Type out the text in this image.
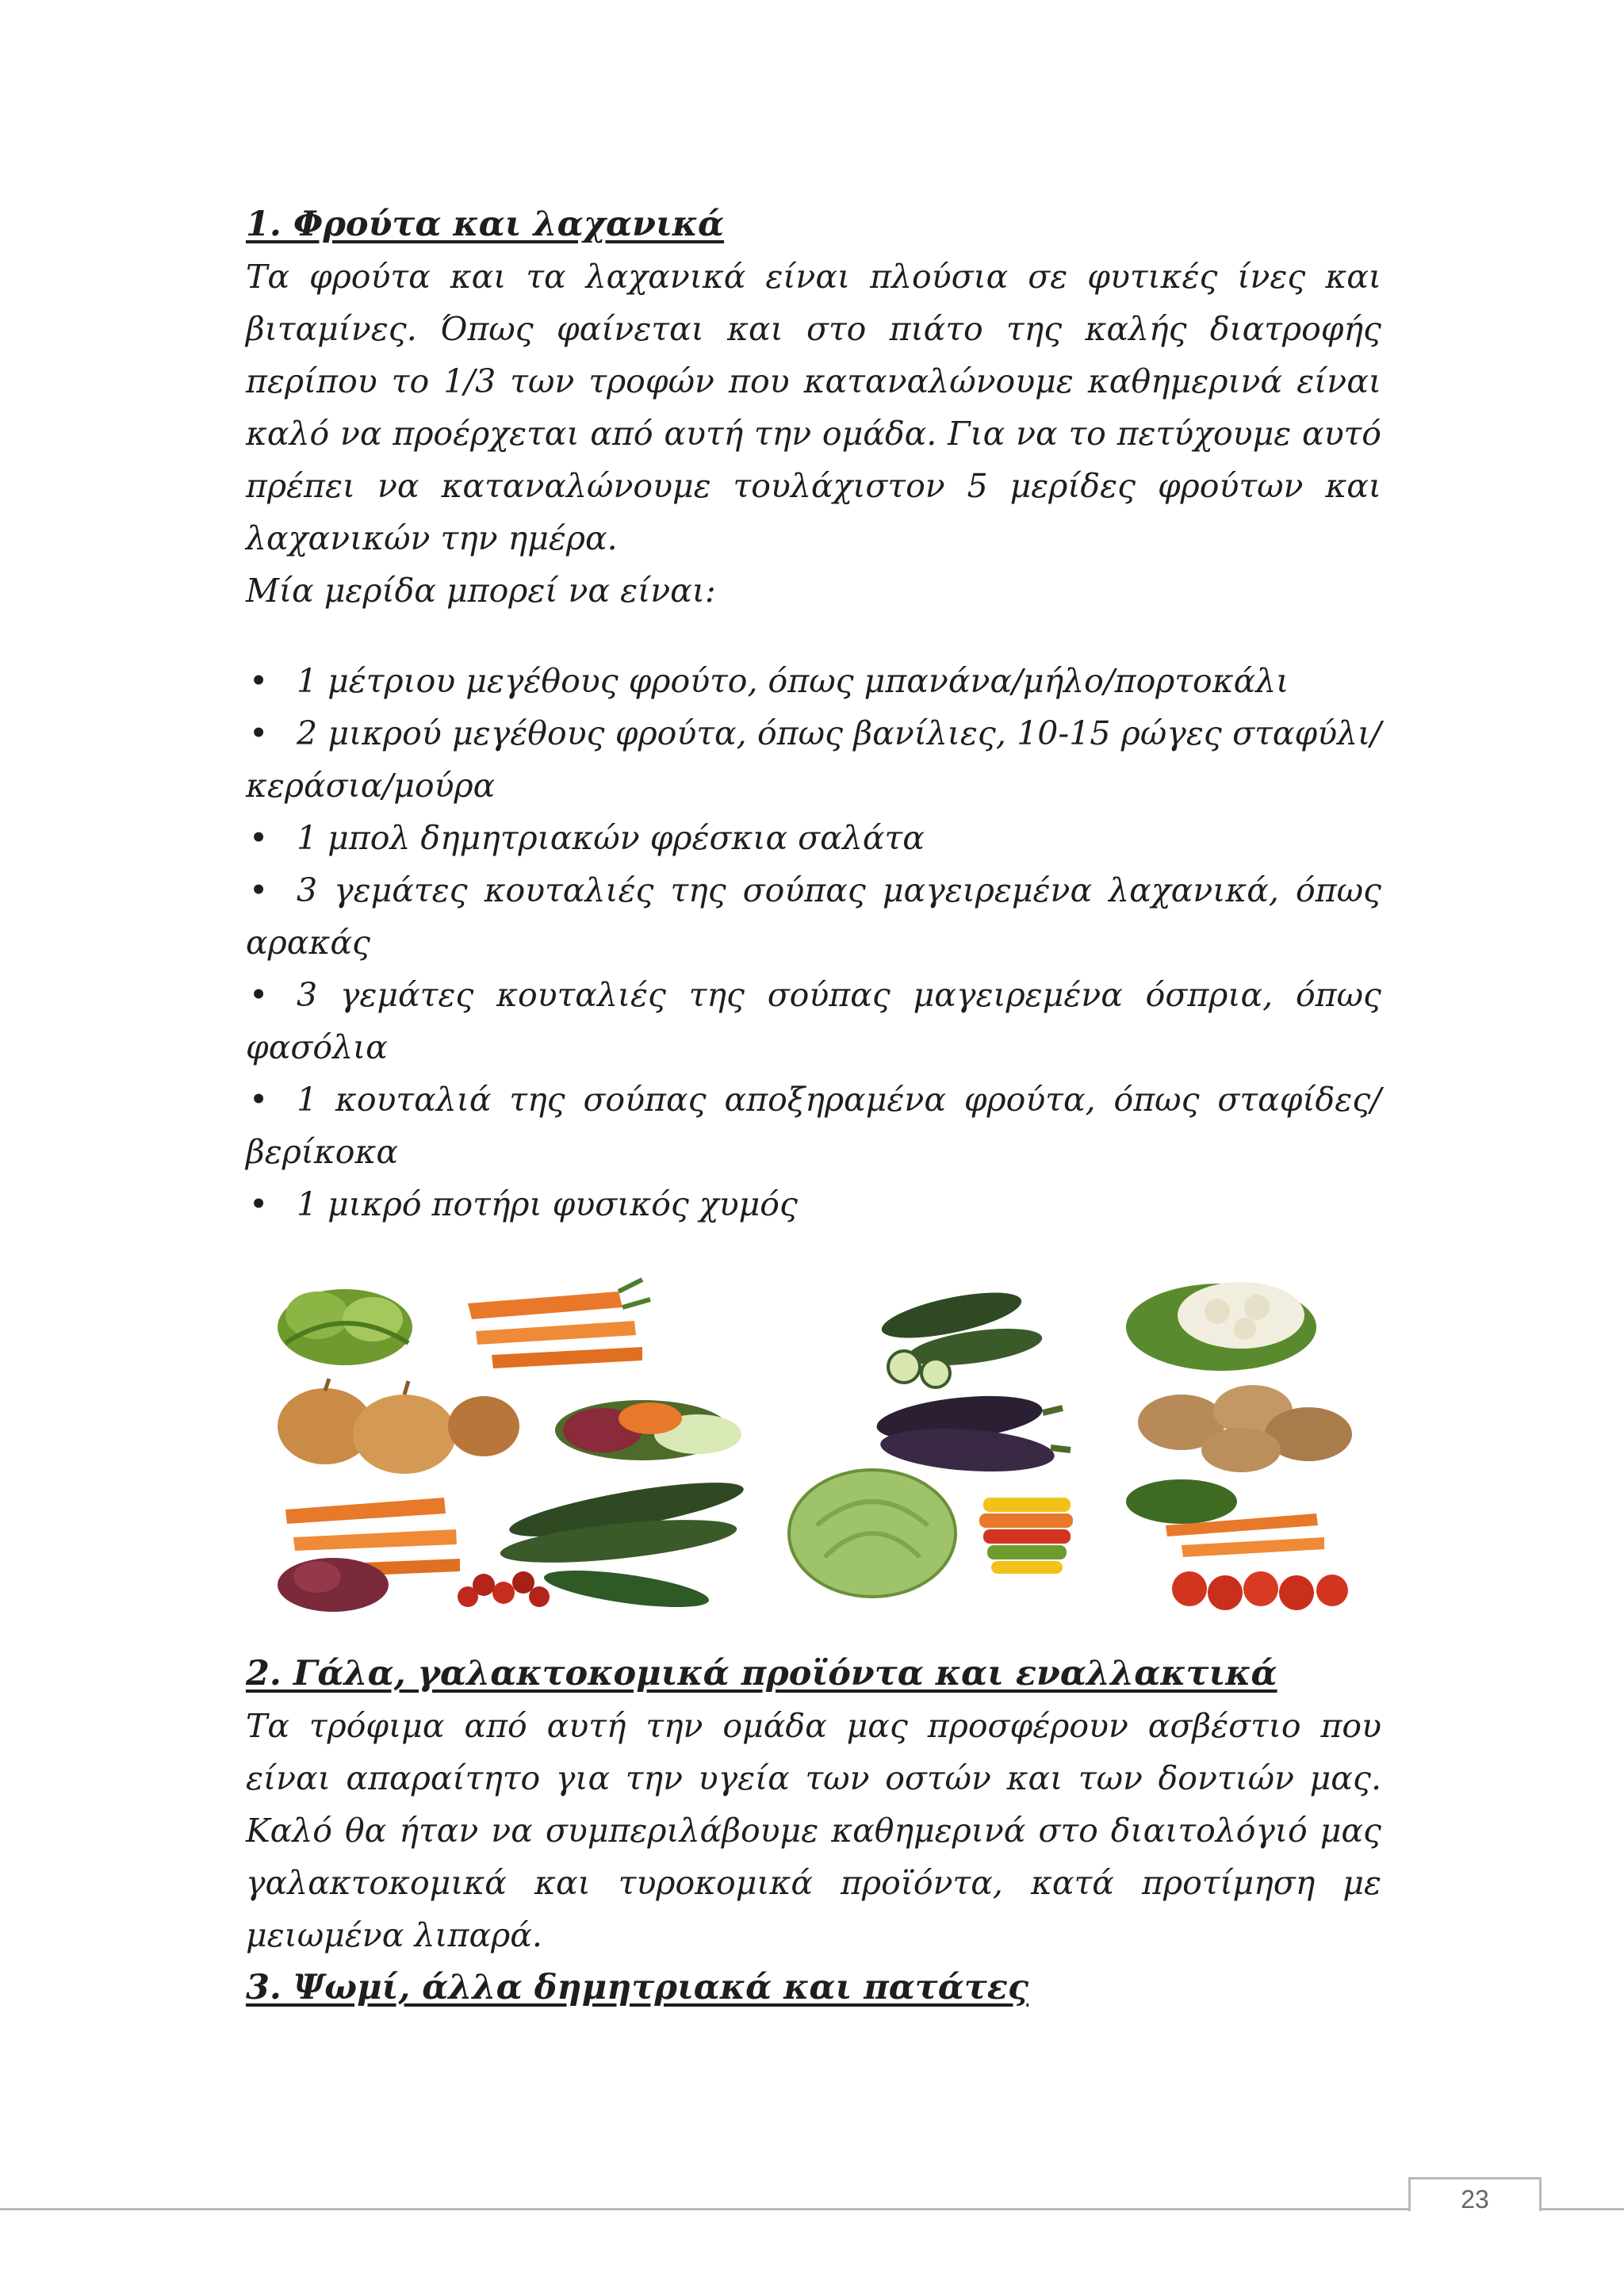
1. Φρούτα και λαχανικά

Τα φρούτα και τα λαχανικά είναι πλούσια σε φυτικές ίνες και βιταμίνες. Όπως φαίνεται και στο πιάτο της καλής διατροφής περίπου το 1/3 των τροφών που καταναλώνουμε καθημερινά είναι καλό να προέρχεται από αυτή την ομάδα. Για να το πετύχουμε αυτό πρέπει να καταναλώνουμε τουλάχιστον 5 μερίδες φρούτων και λαχανικών την ημέρα.

Μία μερίδα μπορεί να είναι:

• 1 μέτριου μεγέθους φρούτο, όπως μπανάνα/μήλο/πορτοκάλι
• 2 μικρού μεγέθους φρούτα, όπως βανίλιες, 10-15 ρώγες σταφύλι/κεράσια/μούρα
• 1 μπολ δημητριακών φρέσκια σαλάτα
• 3 γεμάτες κουταλιές της σούπας μαγειρεμένα λαχανικά, όπως αρακάς
• 3 γεμάτες κουταλιές της σούπας μαγειρεμένα όσπρια, όπως φασόλια
• 1 κουταλιά της σούπας αποξηραμένα φρούτα, όπως σταφίδες/βερίκοκα
• 1 μικρό ποτήρι φυσικός χυμός
2. Γάλα, γαλακτοκομικά προϊόντα και εναλλακτικά

Τα τρόφιμα από αυτή την ομάδα μας προσφέρουν ασβέστιο που είναι απαραίτητο για την υγεία των οστών και των δοντιών μας. Καλό θα ήταν να συμπεριλάβουμε καθημερινά στο διαιτολόγιό μας γαλακτοκομικά και τυροκομικά προϊόντα, κατά προτίμηση με μειωμένα λιπαρά.

3. Ψωμί, άλλα δημητριακά και πατάτες
23
